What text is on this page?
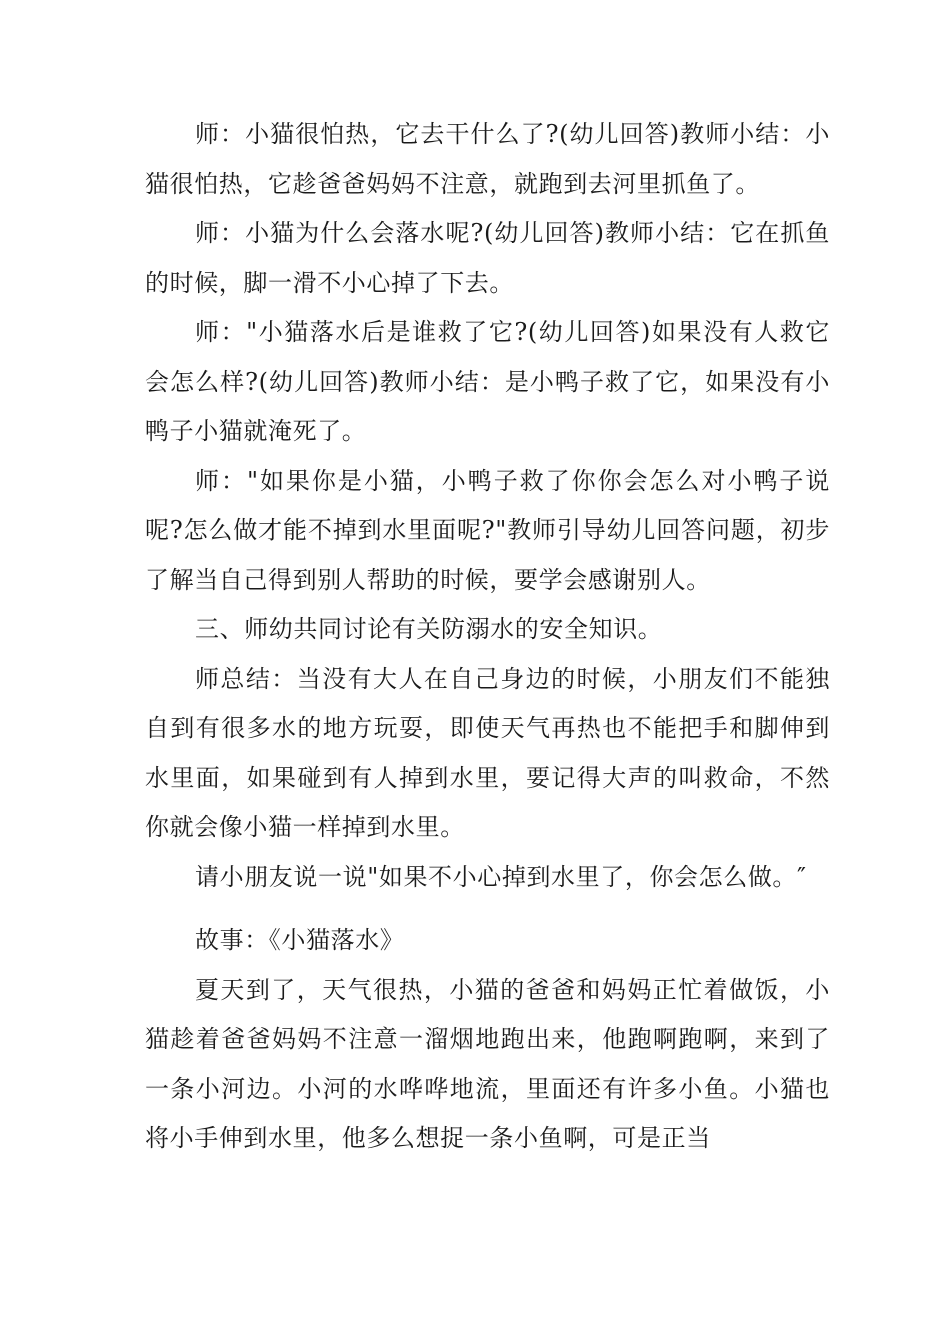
师：小猫很怕热，它去干什么了?(幼儿回答)教师小结：小猫很怕热，它趁爸爸妈妈不注意，就跑到去河里抓鱼了。

师：小猫为什么会落水呢?(幼儿回答)教师小结：它在抓鱼的时候，脚一滑不小心掉了下去。

师："小猫落水后是谁救了它?(幼儿回答)如果没有人救它会怎么样?(幼儿回答)教师小结：是小鸭子救了它，如果没有小鸭子小猫就淹死了。

师："如果你是小猫，小鸭子救了你你会怎么对小鸭子说呢?怎么做才能不掉到水里面呢?"教师引导幼儿回答问题，初步了解当自己得到别人帮助的时候，要学会感谢别人。

三、师幼共同讨论有关防溺水的安全知识。

师总结：当没有大人在自己身边的时候，小朋友们不能独自到有很多水的地方玩耍，即使天气再热也不能把手和脚伸到水里面，如果碰到有人掉到水里，要记得大声的叫救命，不然你就会像小猫一样掉到水里。

请小朋友说一说"如果不小心掉到水里了，你会怎么做。″

故事：《小猫落水》

夏天到了，天气很热，小猫的爸爸和妈妈正忙着做饭，小猫趁着爸爸妈妈不注意一溜烟地跑出来，他跑啊跑啊，来到了一条小河边。小河的水哗哗地流，里面还有许多小鱼。小猫也将小手伸到水里，他多么想捉一条小鱼啊，可是正当
